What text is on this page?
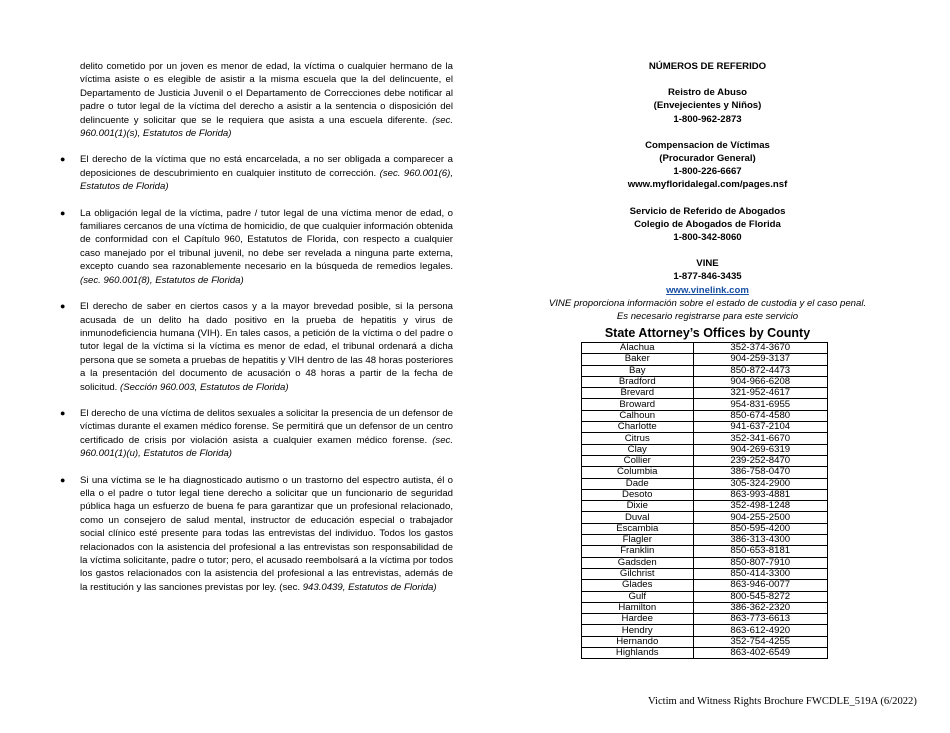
delito cometido por un joven es menor de edad, la víctima o cualquier hermano de la víctima asiste o es elegible de asistir a la misma escuela que la del delincuente, el Departamento de Justicia Juvenil o el Departamento de Correcciones debe notificar al padre o tutor legal de la víctima del derecho a asistir a la sentencia o disposición del delincuente y solicitar que se le requiera que asista a una escuela diferente. (sec. 960.001(1)(s), Estatutos de Florida)

● El derecho de la víctima que no está encarcelada, a no ser obligada a comparecer a deposiciones de descubrimiento en cualquier instituto de corrección. (sec. 960.001(6), Estatutos de Florida)
● La obligación legal de la víctima, padre / tutor legal de una víctima menor de edad, o familiares cercanos de una víctima de homicidio, de que cualquier información obtenida de conformidad con el Capítulo 960, Estatutos de Florida, con respecto a cualquier caso manejado por el tribunal juvenil, no debe ser revelada a ninguna parte externa, excepto cuando sea razonablemente necesario en la búsqueda de remedios legales. (sec. 960.001(8), Estatutos de Florida)
● El derecho de saber en ciertos casos y a la mayor brevedad posible, si la persona acusada de un delito ha dado positivo en la prueba de hepatitis y virus de inmunodeficiencia humana (VIH). En tales casos, a petición de la víctima o del padre o tutor legal de la víctima si la víctima es menor de edad, el tribunal ordenará a dicha persona que se someta a pruebas de hepatitis y VIH dentro de las 48 horas posteriores a la presentación del documento de acusación o 48 horas a partir de la fecha de solicitud. (Sección 960.003, Estatutos de Florida)
● El derecho de una víctima de delitos sexuales a solicitar la presencia de un defensor de víctimas durante el examen médico forense. Se permitirá que un defensor de un centro certificado de crisis por violación asista a cualquier examen médico forense. (sec. 960.001(1)(u), Estatutos de Florida)
● Si una víctima se le ha diagnosticado autismo o un trastorno del espectro autista, él o ella o el padre o tutor legal tiene derecho a solicitar que un funcionario de seguridad pública haga un esfuerzo de buena fe para garantizar que un profesional relacionado, como un consejero de salud mental, instructor de educación especial o trabajador social clínico esté presente para todas las entrevistas del individuo. Todos los gastos relacionados con la asistencia del profesional a las entrevistas son responsabilidad de la víctima solicitante, padre o tutor; pero, el acusado reembolsará a la víctima por todos los gastos relacionados con la asistencia del profesional a las entrevistas, además de la restitución y las sanciones previstas por ley. (sec. 943.0439, Estatutos de Florida)
NÚMEROS DE REFERIDO
Reistro de Abuso
(Envejecientes y Niños)
1-800-962-2873
Compensacion de Víctimas
(Procurador General)
1-800-226-6667
www.myfloridalegal.com/pages.nsf
Servicio de Referido de Abogados
Colegio de Abogados de Florida
1-800-342-8060
VINE
1-877-846-3435
www.vinelink.com
VINE proporciona información sobre el estado de custodia y el caso penal.
Es necesario registrarse para este servicio
State Attorney’s Offices by County
Alachua	352-374-3670
Baker	904-259-3137
Bay	850-872-4473
Bradford	904-966-6208
Brevard	321-952-4617
Broward	954-831-6955
Calhoun	850-674-4580
Charlotte	941-637-2104
Citrus	352-341-6670
Clay	904-269-6319
Collier	239-252-8470
Columbia	386-758-0470
Dade	305-324-2900
Desoto	863-993-4881
Dixie	352-498-1248
Duval	904-255-2500
Escambia	850-595-4200
Flagler	386-313-4300
Franklin	850-653-8181
Gadsden	850-807-7910
Gilchrist	850-414-3300
Glades	863-946-0077
Gulf	800-545-8272
Hamilton	386-362-2320
Hardee	863-773-6613
Hendry	863-612-4920
Hernando	352-754-4255
Highlands	863-402-6549
Victim and Witness Rights Brochure FWCDLE_519A (6/2022)
